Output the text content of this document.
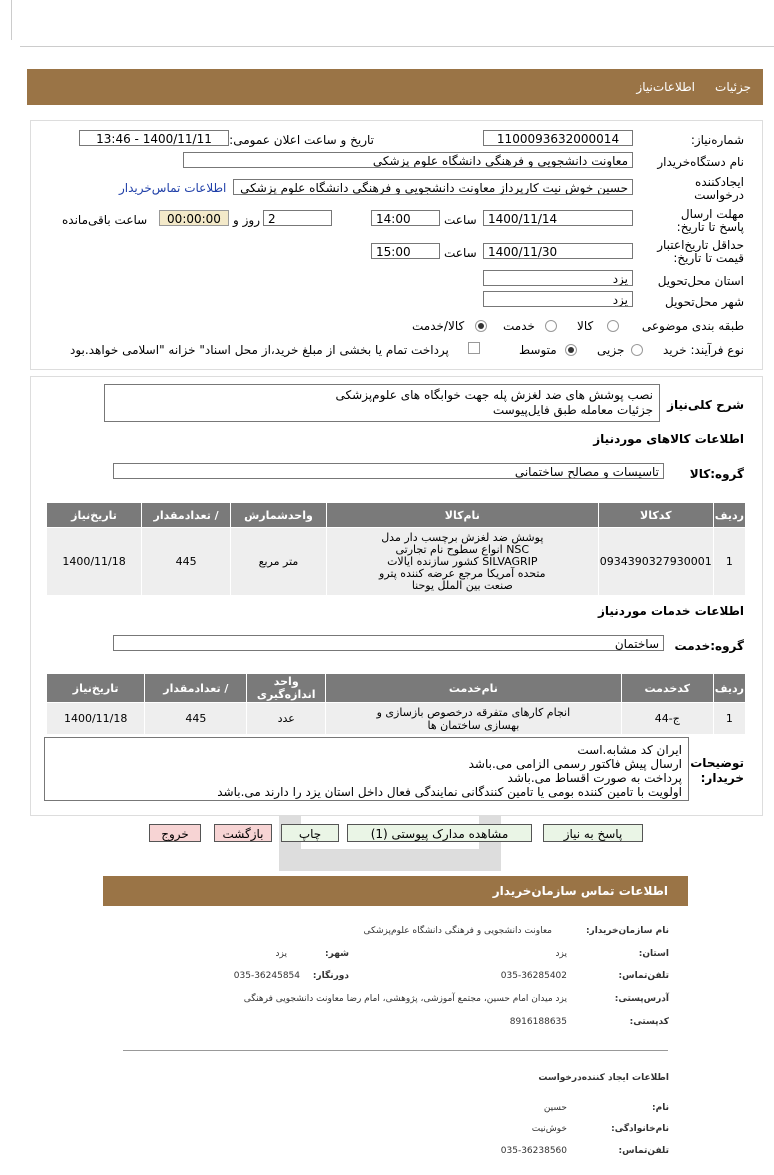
جزئیات
اطلاعات‌نیاز
شماره‌نیاز:
1100093632000014
تاریخ و ساعت اعلان عمومی:
1400/11/11 - 13:46
نام دستگاه‌خریدار
معاونت دانشجویی و فرهنگی دانشگاه علوم پزشکی
ایجادکننده درخواست
حسین خوش نیت کارپرداز معاونت دانشجویی و فرهنگی دانشگاه علوم پزشکی
اطلاعات تماس‌خریدار
مهلت ارسال پاسخ تا تاریخ:
1400/11/14
ساعت
14:00
2
روز و
00:00:00
ساعت باقی‌مانده
حداقل تاریخ‌اعتبار قیمت تا تاریخ:
1400/11/30
ساعت
15:00
استان محل‌تحویل
یزد
شهر محل‌تحویل
یزد
طبقه بندی موضوعی
کالا
خدمت
کالا/خدمت
نوع فرآیند: خرید
جزیی
متوسط
پرداخت تمام یا بخشی از مبلغ خرید،از محل اسناد" خزانه "اسلامی خواهد.بود
شرح کلی‌نیاز
نصب پوشش های ضد لغزش پله جهت خوابگاه های علوم‌پزشکی
جزئیات معامله طبق فایل‌پیوست
اطلاعات کالاهای موردنیاز
گروه:کالا
تاسیسات و مصالح ساختمانی
ردیف	کدکالا	نام‌کالا	واحدشمارش	/ تعدادمقدار	تاریخ‌نیاز
1	0934390327930001	پوشش ضد لغزش برچسب دار مدل NSC انواع سطوح نام تجارتی SILVAGRIP کشور سازنده ایالات متحده آمریکا مرجع عرضه کننده پترو صنعت بین الملل یوحنا	متر مربع	445	1400/11/18
اطلاعات خدمات موردنیاز
گروه:خدمت
ساختمان
ردیف	کدخدمت	نام‌خدمت	واحد اندازه‌گیری	/ تعدادمقدار	تاریخ‌نیاز
1	ج-44	انجام کارهای متفرقه درخصوص بازسازی و بهسازی ساختمان ها	عدد	445	1400/11/18
توضیحات خریدار:
ایران کد مشابه.است
ارسال پیش فاکتور رسمی الزامی می.باشد
پرداخت به صورت اقساط می.باشد
اولویت با تامین کننده بومی یا تامین کنندگانی نمایندگی فعال داخل استان یزد را دارند می.باشد
پاسخ به نیاز
مشاهده مدارک پیوستی (1)
چاپ
بازگشت
خروج
اطلاعات تماس سازمان‌خریدار
نام سازمان‌خریدار:
معاونت دانشجویی و فرهنگی دانشگاه علوم‌پزشکی
استان:
یزد
شهر:
یزد
تلفن‌تماس:
035-36285402
دورنگار:
035-36245854
آدرس‌پستی:
یزد میدان امام حسین، مجتمع آموزشی، پژوهشی، امام رضا معاونت دانشجویی فرهنگی
کدپستی:
8916188635
اطلاعات ایجاد کننده‌درخواست
نام:
حسین
نام‌خانوادگی:
خوش‌نیت
تلفن‌تماس:
035-36238560
